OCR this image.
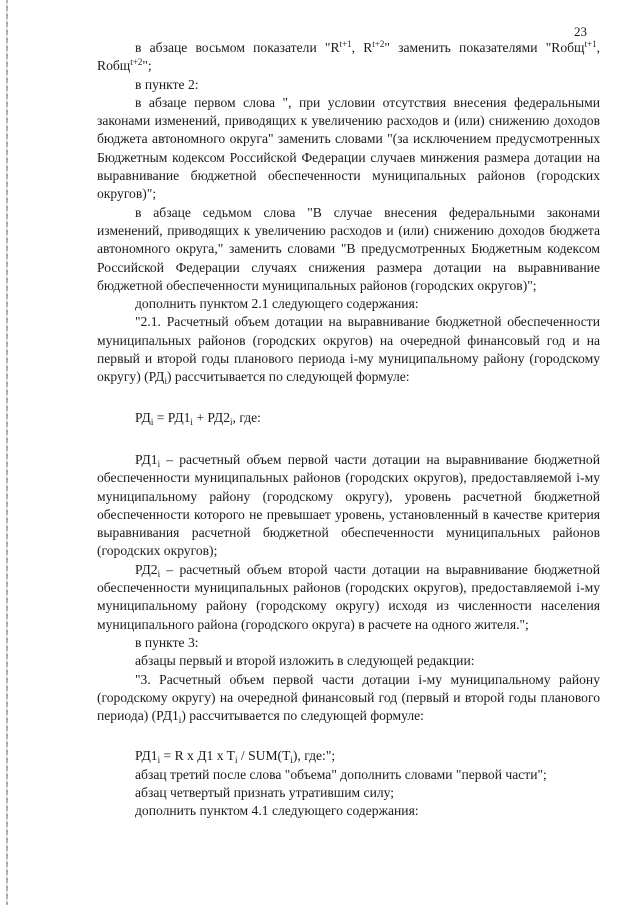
23

в абзаце восьмом показатели "$R^{t+1}$, $R^{t+2}$" заменить показателями "Rобщ$^{t+1}$, Rобщ$^{t+2}$";

в пункте 2:

в абзаце первом слова ", при условии отсутствия внесения федеральными законами изменений, приводящих к увеличению расходов и (или) снижению доходов бюджета автономного округа" заменить словами "(за исключением предусмотренных Бюджетным кодексом Российской Федерации случаев минжения размера дотации на выравнивание бюджетной обеспеченности муниципальных районов (городских округов)";

в абзаце седьмом слова "В случае внесения федеральными законами изменений, приводящих к увеличению расходов и (или) снижению доходов бюджета автономного округа," заменить словами "В предусмотренных Бюджетным кодексом Российской Федерации случаях снижения размера дотации на выравнивание бюджетной обеспеченности муниципальных районов (городских округов)";

дополнить пунктом 2.1 следующего содержания:

"2.1. Расчетный объем дотации на выравнивание бюджетной обеспеченности муниципальных районов (городских округов) на очередной финансовый год и на первый и второй годы планового периода i-му муниципальному району (городскому округу) $(РД_i)$ рассчитывается по следующей формуле:

$РД_i = РД1_i + РД2_i$, где:

$РД1_i$ – расчетный объем первой части дотации на выравнивание бюджетной обеспеченности муниципальных районов (городских округов), предоставляемой i-му муниципальному району (городскому округу), уровень расчетной бюджетной обеспеченности которого не превышает уровень, установленный в качестве критерия выравнивания расчетной бюджетной обеспеченности муниципальных районов (городских округов);

$РД2_i$ – расчетный объем второй части дотации на выравнивание бюджетной обеспеченности муниципальных районов (городских округов), предоставляемой i-му муниципальному району (городскому округу) исходя из численности населения муниципального района (городского округа) в расчете на одного жителя.";

в пункте 3:

абзацы первый и второй изложить в следующей редакции:

"3. Расчетный объем первой части дотации i-му муниципальному району (городскому округу) на очередной финансовый год (первый и второй годы планового периода) $(РД1_i)$ рассчитывается по следующей формуле:

$РД1_i = R$ x Д1 x $T_i / SUM(T_i)$, где:";

абзац третий после слова "объема" дополнить словами "первой части";

абзац четвертый признать утратившим силу;

дополнить пунктом 4.1 следующего содержания:
